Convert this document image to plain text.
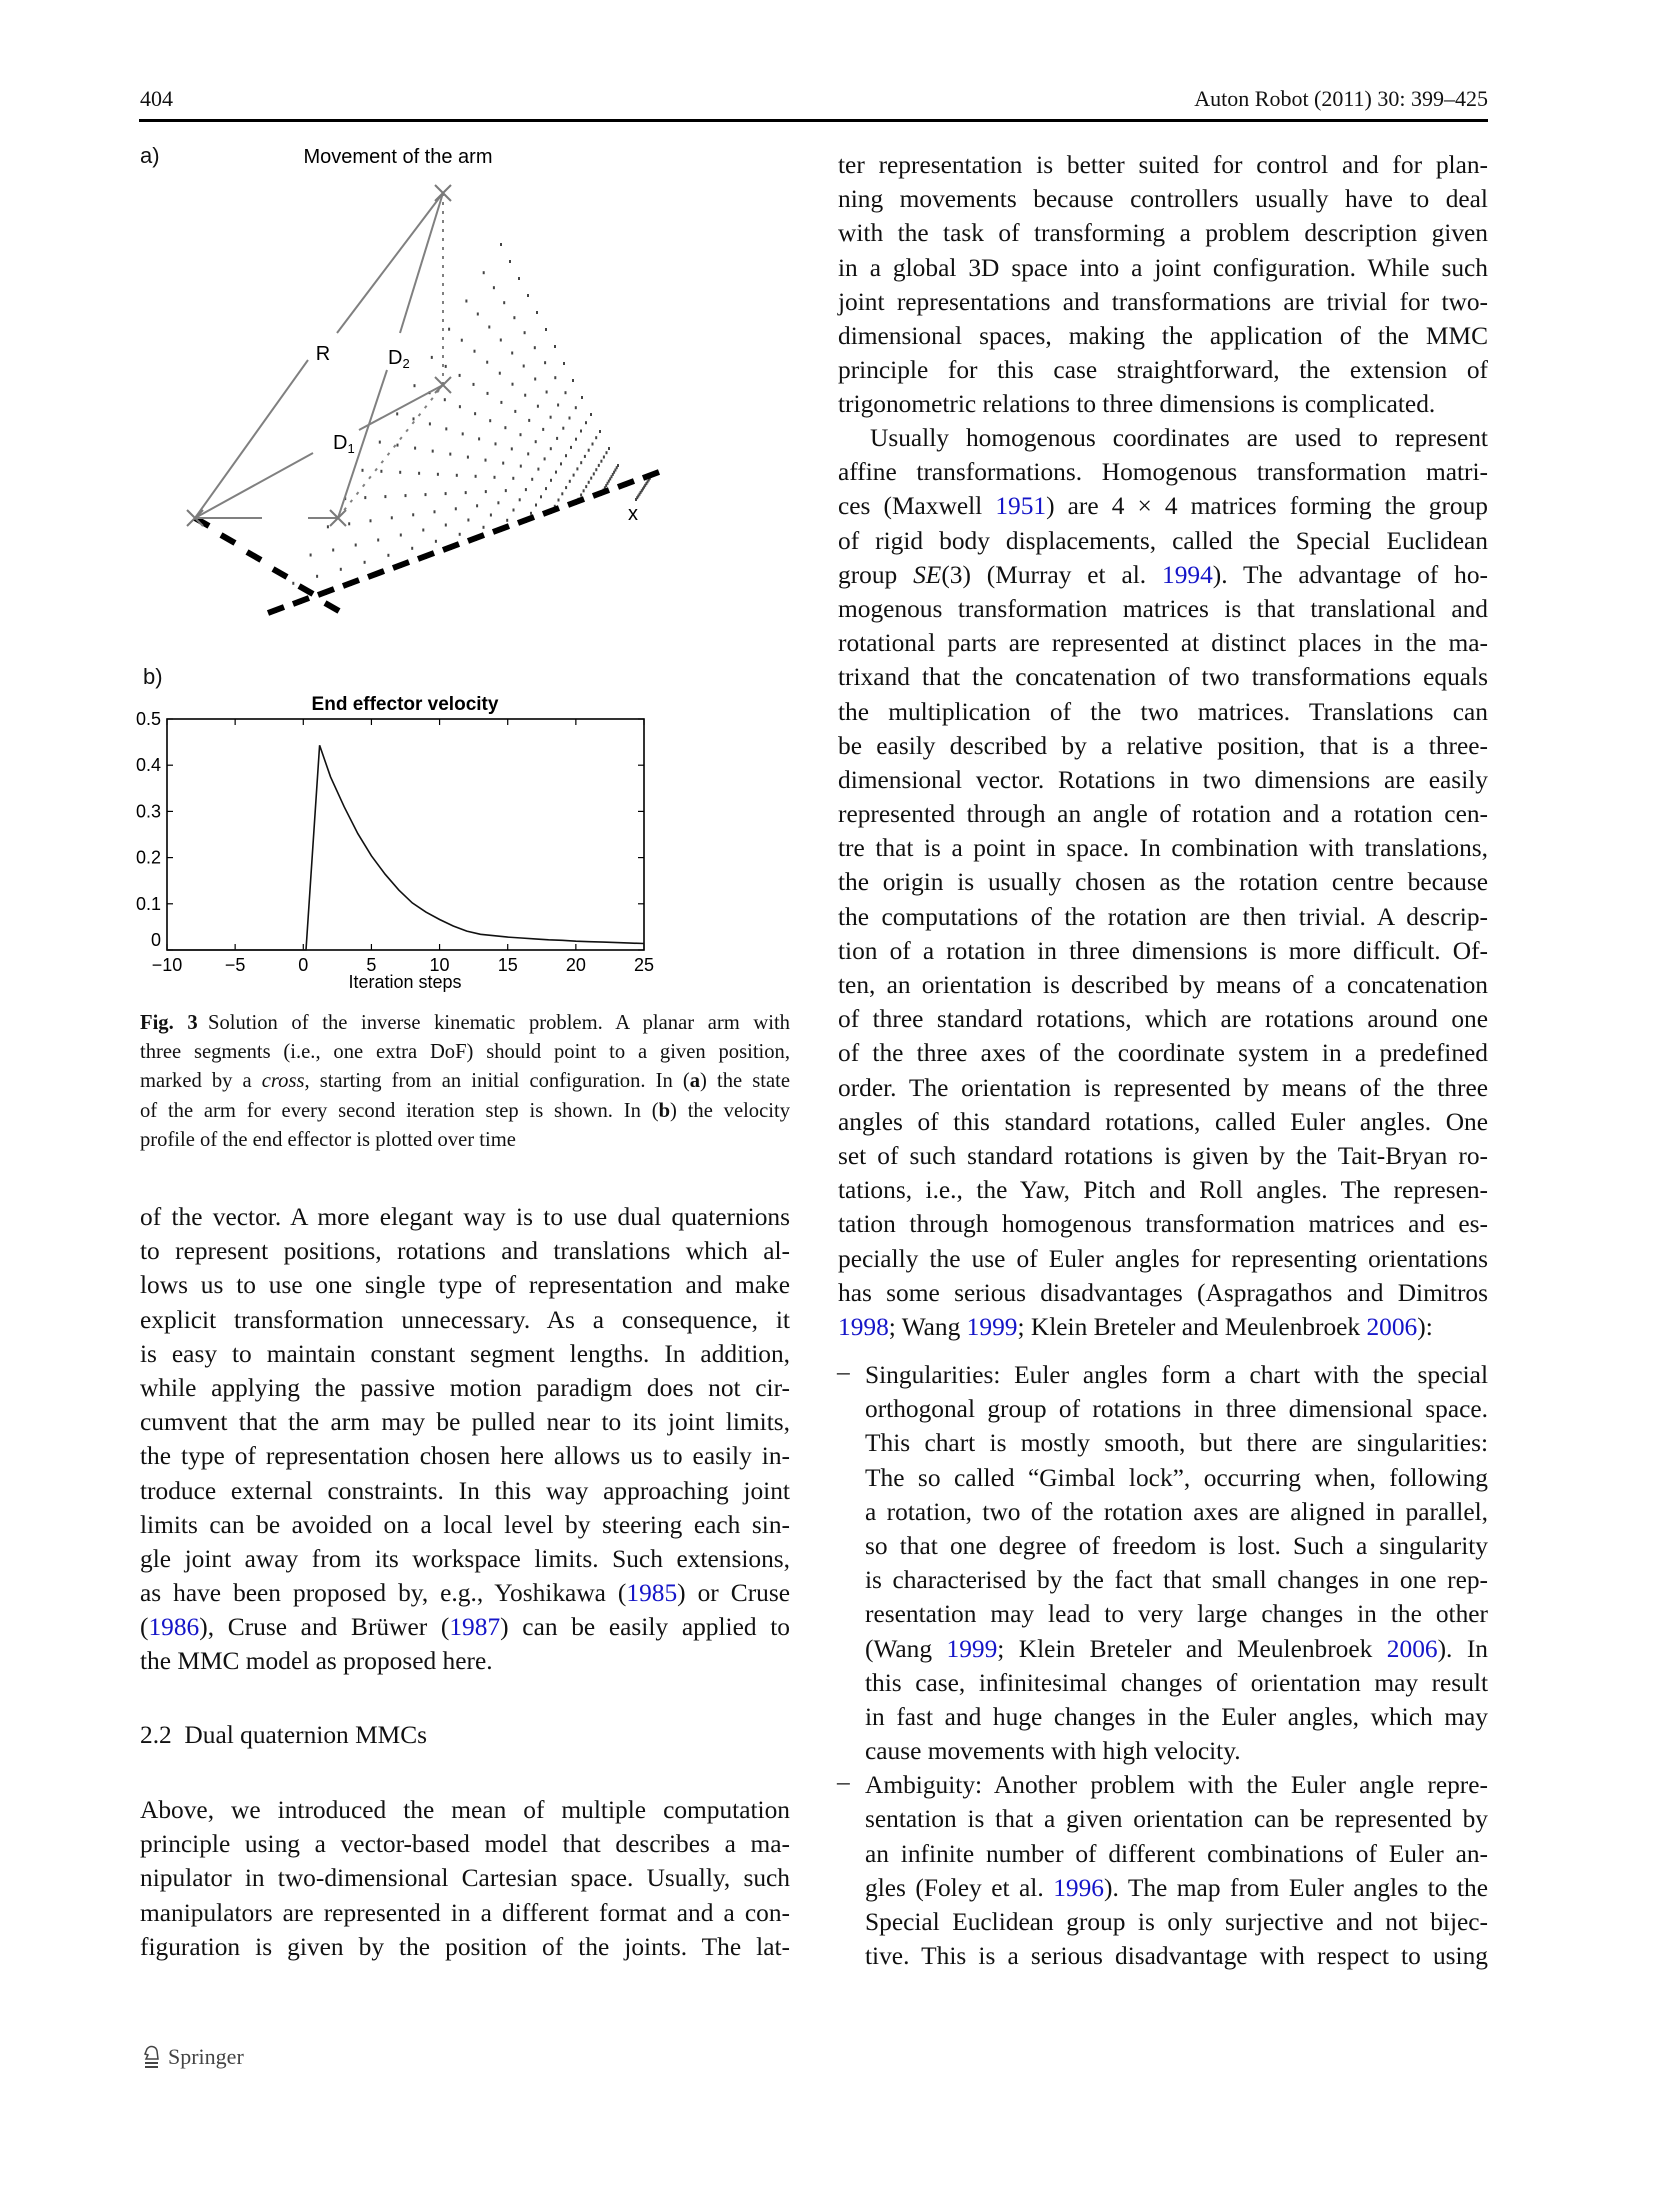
404	Auton Robot (2011) 30: 399–425
a)	Movement of the arm
R	$D_2$
$D_1$
x
b)
End effector velocity
−10 −5	0	5	10	15	20	25
0
0.1
0.2
0.3
0.4
0.5
Iteration steps
Fig. 3 Solution of the inverse kinematic problem. A planar arm with
three segments (i.e., one extra DoF) should point to a given position,
marked by a cross, starting from an initial configuration. In (a) the state
of the arm for every second iteration step is shown. In (b) the velocity
profile of the end effector is plotted over time
of the vector. A more elegant way is to use dual quaternions
to represent positions, rotations and translations which al-
lows us to use one single type of representation and make
explicit transformation unnecessary. As a consequence, it
is easy to maintain constant segment lengths. In addition,
while applying the passive motion paradigm does not cir-
cumvent that the arm may be pulled near to its joint limits,
the type of representation chosen here allows us to easily in-
troduce external constraints. In this way approaching joint
limits can be avoided on a local level by steering each sin-
gle joint away from its workspace limits. Such extensions,
as have been proposed by, e.g., Yoshikawa (1985) or Cruse
(1986), Cruse and Brüwer (1987) can be easily applied to
the MMC model as proposed here.
2.2 Dual quaternion MMCs
Above, we introduced the mean of multiple computation
principle using a vector-based model that describes a ma-
nipulator in two-dimensional Cartesian space. Usually, such
manipulators are represented in a different format and a con-
figuration is given by the position of the joints. The lat-
ter representation is better suited for control and for plan-
ning movements because controllers usually have to deal
with the task of transforming a problem description given
in a global 3D space into a joint configuration. While such
joint representations and transformations are trivial for two-
dimensional spaces, making the application of the MMC
principle for this case straightforward, the extension of
trigonometric relations to three dimensions is complicated.
Usually homogenous coordinates are used to represent
affine transformations. Homogenous transformation matri-
ces (Maxwell 1951) are 4 × 4 matrices forming the group
of rigid body displacements, called the Special Euclidean
group SE(3) (Murray et al. 1994). The advantage of ho-
mogenous transformation matrices is that translational and
rotational parts are represented at distinct places in the ma-
trixand that the concatenation of two transformations equals
the multiplication of the two matrices. Translations can
be easily described by a relative position, that is a three-
dimensional vector. Rotations in two dimensions are easily
represented through an angle of rotation and a rotation cen-
tre that is a point in space. In combination with translations,
the origin is usually chosen as the rotation centre because
the computations of the rotation are then trivial. A descrip-
tion of a rotation in three dimensions is more difficult. Of-
ten, an orientation is described by means of a concatenation
of three standard rotations, which are rotations around one
of the three axes of the coordinate system in a predefined
order. The orientation is represented by means of the three
angles of this standard rotations, called Euler angles. One
set of such standard rotations is given by the Tait-Bryan ro-
tations, i.e., the Yaw, Pitch and Roll angles. The represen-
tation through homogenous transformation matrices and es-
pecially the use of Euler angles for representing orientations
has some serious disadvantages (Aspragathos and Dimitros
1998; Wang 1999; Klein Breteler and Meulenbroek 2006):
– Singularities: Euler angles form a chart with the special
orthogonal group of rotations in three dimensional space.
This chart is mostly smooth, but there are singularities:
The so called “Gimbal lock”, occurring when, following
a rotation, two of the rotation axes are aligned in parallel,
so that one degree of freedom is lost. Such a singularity
is characterised by the fact that small changes in one rep-
resentation may lead to very large changes in the other
(Wang 1999; Klein Breteler and Meulenbroek 2006). In
this case, infinitesimal changes of orientation may result
in fast and huge changes in the Euler angles, which may
cause movements with high velocity.
– Ambiguity: Another problem with the Euler angle repre-
sentation is that a given orientation can be represented by
an infinite number of different combinations of Euler an-
gles (Foley et al. 1996). The map from Euler angles to the
Special Euclidean group is only surjective and not bijec-
tive. This is a serious disadvantage with respect to using
Springer
